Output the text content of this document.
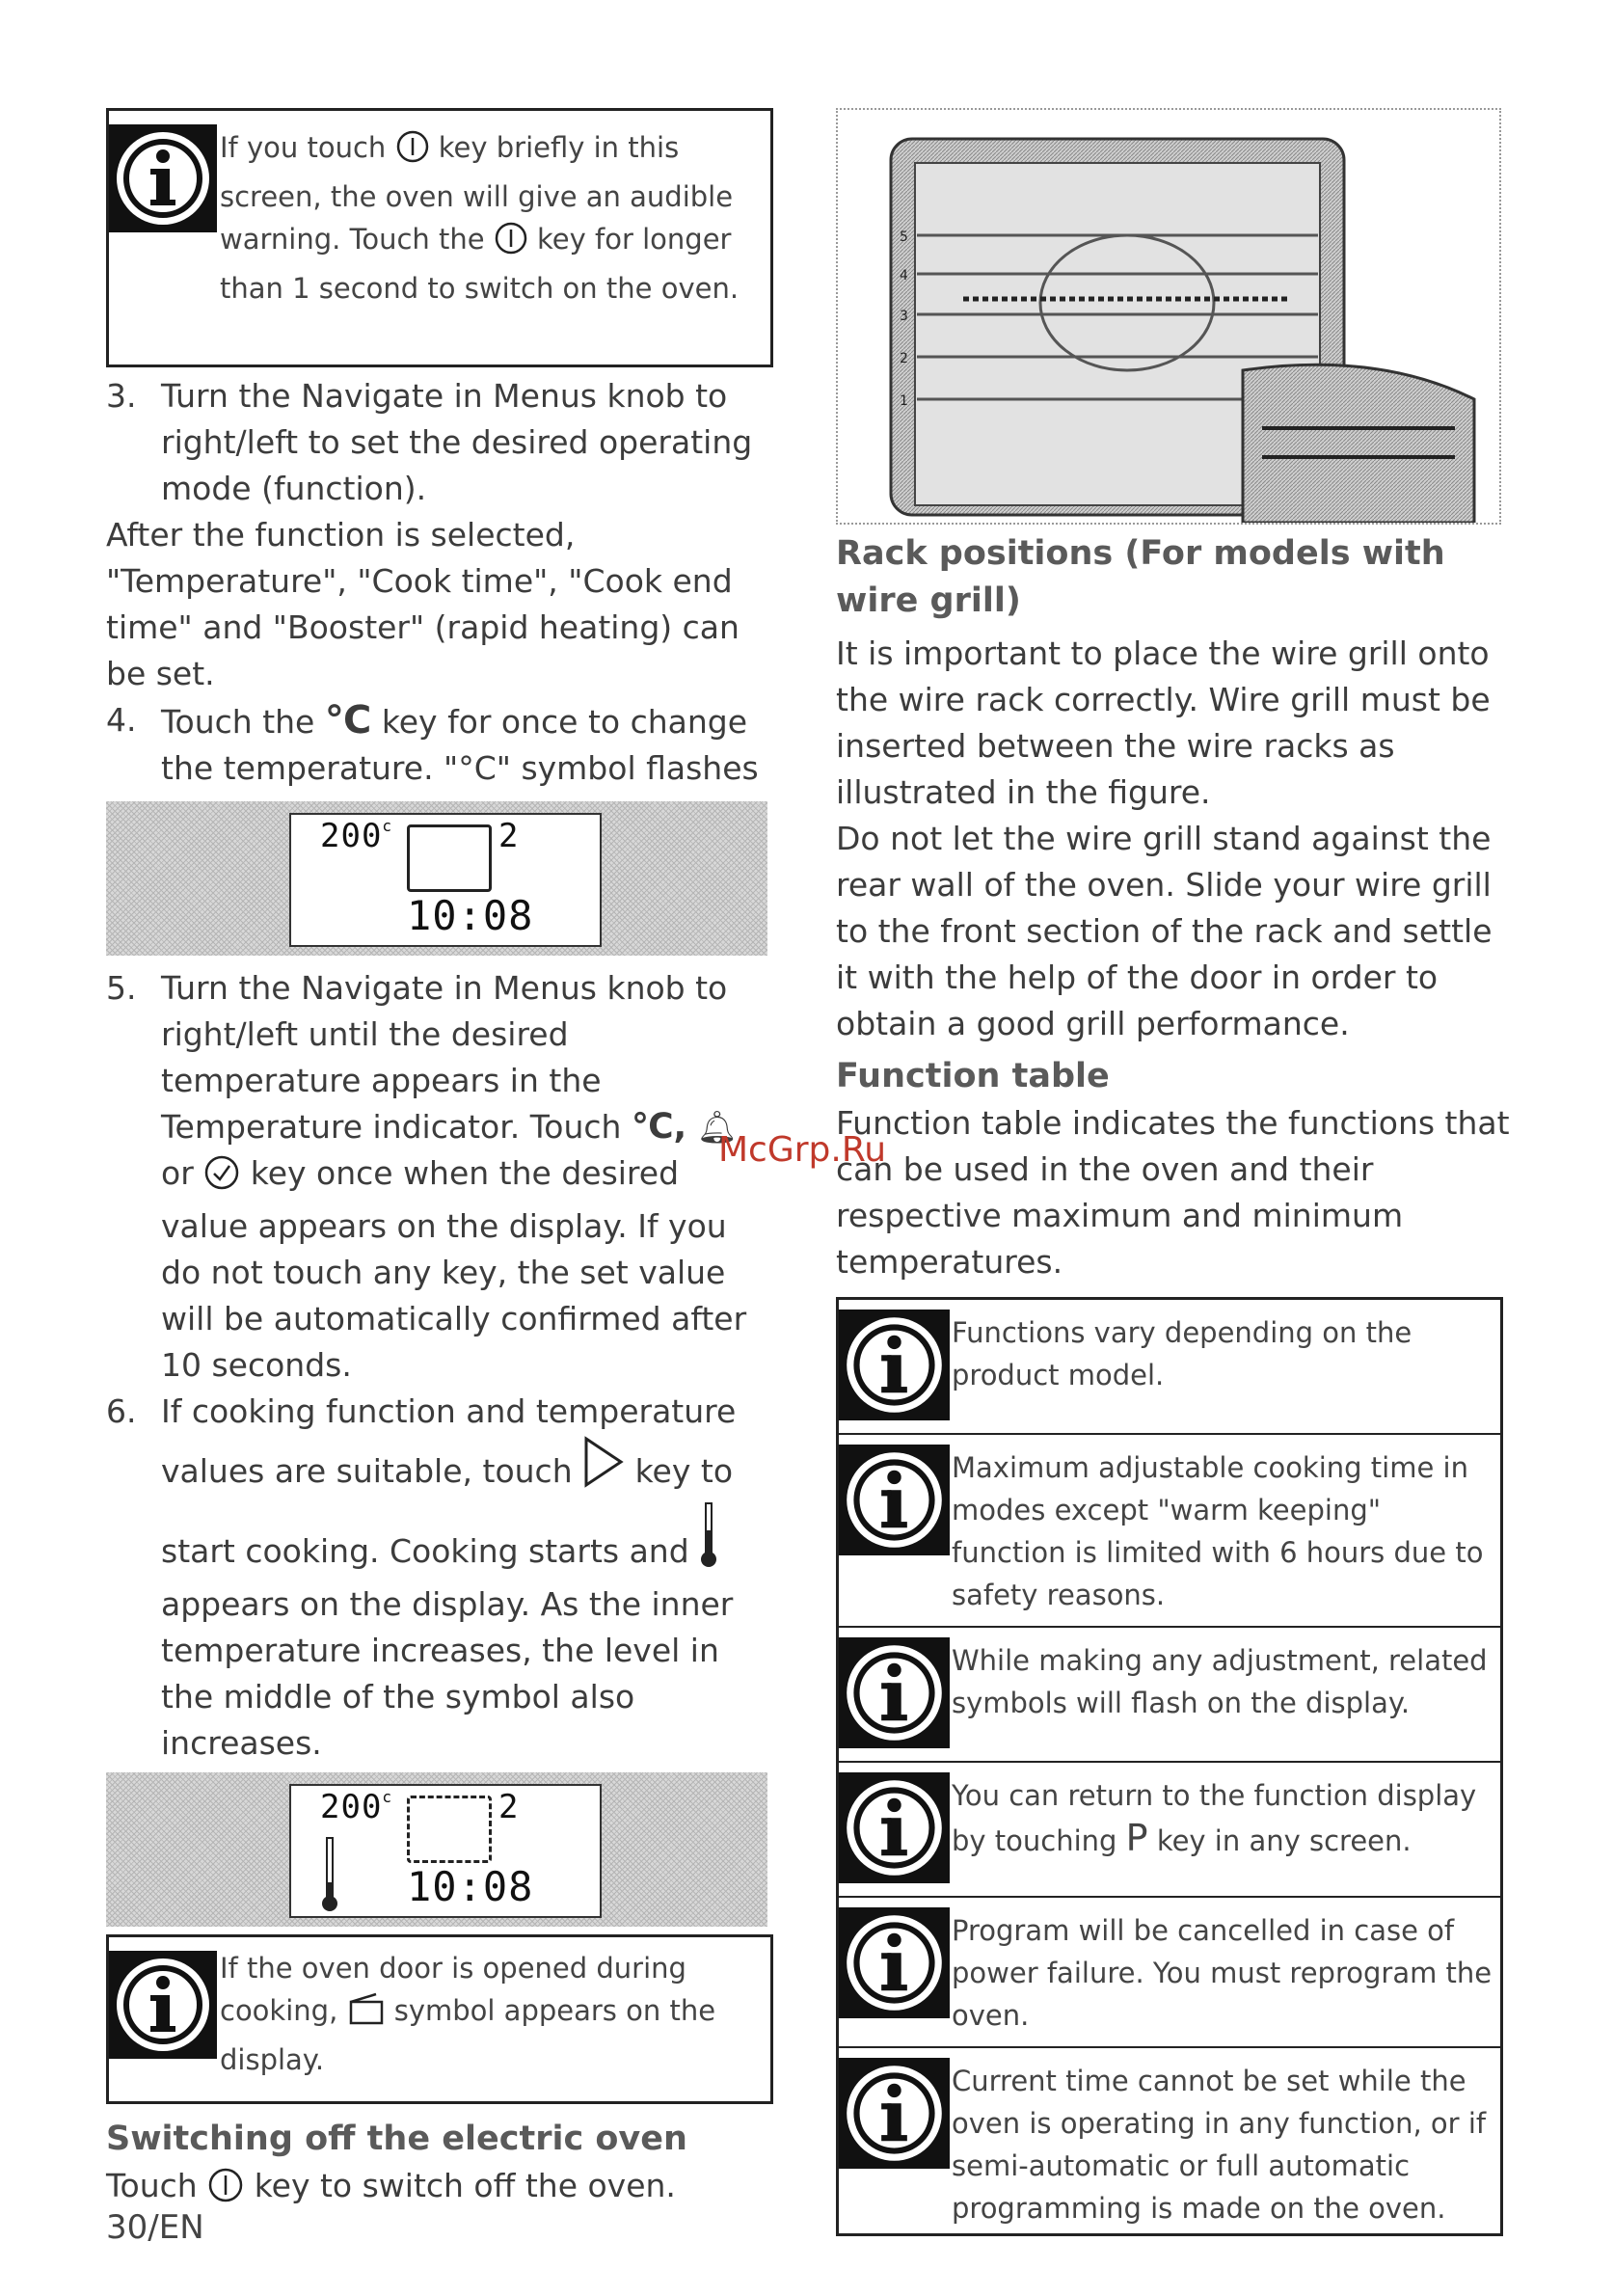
If you touch key briefly in this screen, the oven will give an audible warning. Touch the key for longer than 1 second to switch on the oven.
3. Turn the Navigate in Menus knob to right/left to set the desired operating mode (function).

After the function is selected, "Temperature", "Cook time", "Cook end time" and "Booster" (rapid heating) can be set.

4. Touch the ℃ key for once to change the temperature. "°C" symbol flashes
200$^c$	2
10:08
5. Turn the Navigate in Menus knob to right/left until the desired temperature appears in the Temperature indicator. Touch ℃, 🔔︎ or key once when the desired value appears on the display. If you do not touch any key, the set value will be automatically confirmed after 10 seconds.
6. If cooking function and temperature values are suitable, touch key to start cooking. Cooking starts and  appears on the display. As the inner temperature increases, the level in the middle of the symbol also increases.
200$^c$	2
10:08
If the oven door is opened during cooking, symbol appears on the display.
Switching off the electric oven

Touch key to switch off the oven.

5
4
3
2
1
Rack positions (For models with wire grill)

It is important to place the wire grill onto the wire rack correctly. Wire grill must be inserted between the wire racks as illustrated in the figure.

Do not let the wire grill stand against the rear wall of the oven. Slide your wire grill to the front section of the rack and settle it with the help of the door in order to obtain a good grill performance.

Function table

Function table indicates the functions that can be used in the oven and their respective maximum and minimum temperatures.

Functions vary depending on the product model.
Maximum adjustable cooking time in modes except "warm keeping" function is limited with 6 hours due to safety reasons.
While making any adjustment, related symbols will flash on the display.
You can return to the function display by touching P key in any screen.
Program will be cancelled in case of power failure. You must reprogram the oven.
Current time cannot be set while the oven is operating in any function, or if semi-automatic or full automatic programming is made on the oven.
McGrp.Ru
30/EN
